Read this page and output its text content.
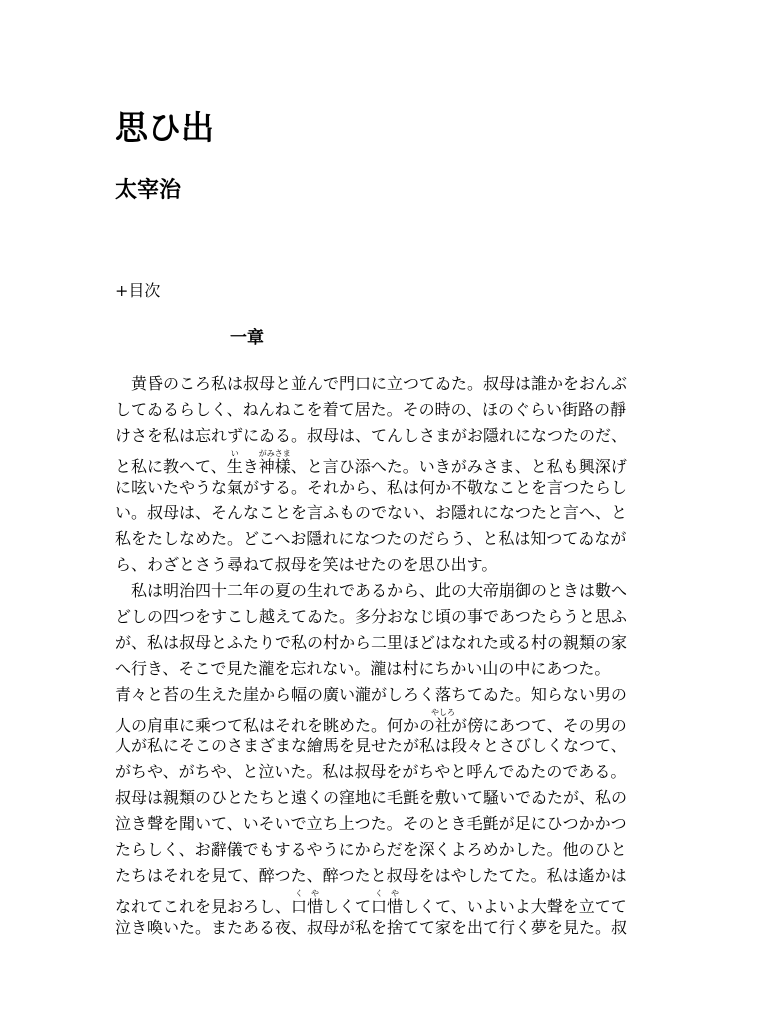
思ひ出
太宰治
+目次
一章
　黄昏のころ私は叔母と並んで門口に立つてゐた。叔母は誰かをおんぶ
してゐるらしく、ねんねこを着て居た。その時の、ほのぐらい街路の靜
けさを私は忘れずにゐる。叔母は、てんしさまがお隱れになつたのだ、
と私に教へて、生いき神樣がみさま、と言ひ添へた。いきがみさま、と私も興深げ
に呟いたやうな氣がする。それから、私は何か不敬なことを言つたらし
い。叔母は、そんなことを言ふものでない、お隱れになつたと言へ、と
私をたしなめた。どこへお隱れになつたのだらう、と私は知つてゐなが
ら、わざとさう尋ねて叔母を笑はせたのを思ひ出す。
　私は明治四十二年の夏の生れであるから、此の大帝崩御のときは數へ
どしの四つをすこし越えてゐた。多分おなじ頃の事であつたらうと思ふ
が、私は叔母とふたりで私の村から二里ほどはなれた或る村の親類の家
へ行き、そこで見た瀧を忘れない。瀧は村にちかい山の中にあつた。
青々と苔の生えた崖から幅の廣い瀧がしろく落ちてゐた。知らない男の
人の肩車に乘つて私はそれを眺めた。何かの社やしろが傍にあつて、その男の
人が私にそこのさまざまな繪馬を見せたが私は段々とさびしくなつて、
がちや、がちや、と泣いた。私は叔母をがちやと呼んでゐたのである。
叔母は親類のひとたちと遠くの窪地に毛氈を敷いて騷いでゐたが、私の
泣き聲を聞いて、いそいで立ち上つた。そのとき毛氈が足にひつかかつ
たらしく、お辭儀でもするやうにからだを深くよろめかした。他のひと
たちはそれを見て、醉つた、醉つたと叔母をはやしたてた。私は遙かは
なれてこれを見おろし、口惜くやしくて口惜くやしくて、いよいよ大聲を立てて
泣き喚いた。またある夜、叔母が私を捨てて家を出て行く夢を見た。叔
